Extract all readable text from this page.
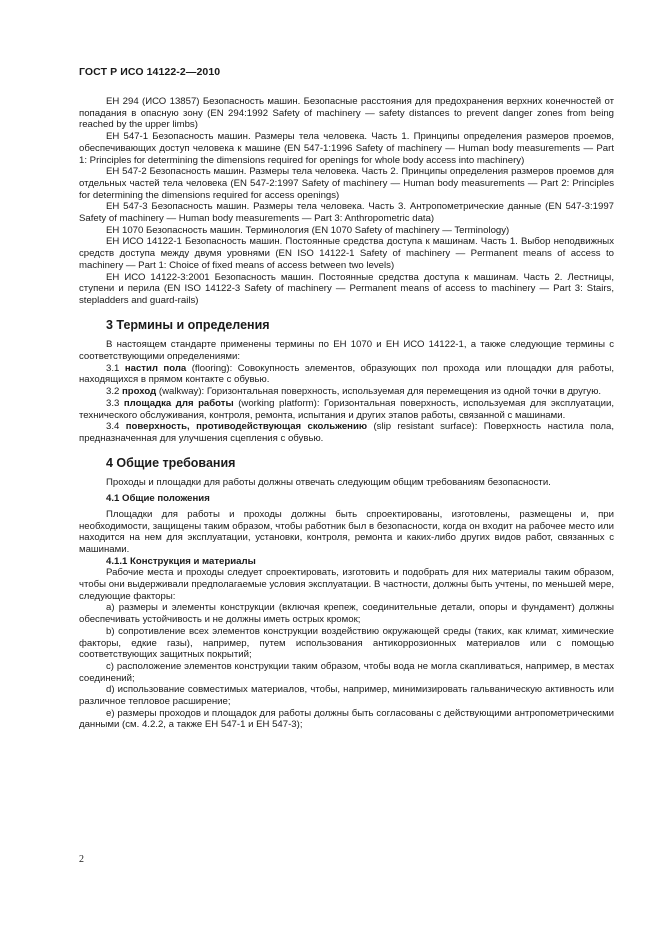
ГОСТ Р ИСО 14122-2—2010

ЕН 294 (ИСО 13857) Безопасность машин. Безопасные расстояния для предохранения верхних конечностей от попадания в опасную зону (EN 294:1992 Safety of machinery — safety distances to prevent danger zones from being reached by the upper limbs)

ЕН 547-1 Безопасность машин. Размеры тела человека. Часть 1. Принципы определения размеров проемов, обеспечивающих доступ человека к машине (EN 547-1:1996 Safety of machinery — Human body measurements — Part 1: Principles for determining the dimensions required for openings for whole body access into machinery)

ЕН 547-2 Безопасность машин. Размеры тела человека. Часть 2. Принципы определения размеров проемов для отдельных частей тела человека (EN 547-2:1997 Safety of machinery — Human body measurements — Part 2: Principles for determining the dimensions required for access openings)

ЕН 547-3 Безопасность машин. Размеры тела человека. Часть 3. Антропометрические данные (EN 547-3:1997 Safety of machinery — Human body measurements — Part 3: Anthropometric data)

ЕН 1070 Безопасность машин. Терминология (EN 1070 Safety of machinery — Terminology)

ЕН ИСО 14122-1 Безопасность машин. Постоянные средства доступа к машинам. Часть 1. Выбор неподвижных средств доступа между двумя уровнями (EN ISO 14122-1 Safety of machinery — Permanent means of access to machinery — Part 1: Choice of fixed means of access between two levels)

ЕН ИСО 14122-3:2001 Безопасность машин. Постоянные средства доступа к машинам. Часть 2. Лестницы, ступени и перила (EN ISO 14122-3 Safety of machinery — Permanent means of access to machinery — Part 3: Stairs, stepladders and guard-rails)

3 Термины и определения

В настоящем стандарте применены термины по ЕН 1070 и ЕН ИСО 14122-1, а также следующие термины с соответствующими определениями:

3.1 настил пола (flooring): Совокупность элементов, образующих пол прохода или площадки для работы, находящихся в прямом контакте с обувью.

3.2 проход (walkway): Горизонтальная поверхность, используемая для перемещения из одной точки в другую.

3.3 площадка для работы (working platform): Горизонтальная поверхность, используемая для эксплуатации, технического обслуживания, контроля, ремонта, испытания и других этапов работы, связанной с машинами.

3.4 поверхность, противодействующая скольжению (slip resistant surface): Поверхность настила пола, предназначенная для улучшения сцепления с обувью.

4 Общие требования

Проходы и площадки для работы должны отвечать следующим общим требованиям безопасности.

4.1 Общие положения

Площадки для работы и проходы должны быть спроектированы, изготовлены, размещены и, при необходимости, защищены таким образом, чтобы работник был в безопасности, когда он входит на рабочее место или находится на нем для эксплуатации, установки, контроля, ремонта и каких-либо других видов работ, связанных с машинами.

4.1.1 Конструкция и материалы

Рабочие места и проходы следует спроектировать, изготовить и подобрать для них материалы таким образом, чтобы они выдерживали предполагаемые условия эксплуатации. В частности, должны быть учтены, по меньшей мере, следующие факторы:

а) размеры и элементы конструкции (включая крепеж, соединительные детали, опоры и фундамент) должны обеспечивать устойчивость и не должны иметь острых кромок;

b) сопротивление всех элементов конструкции воздействию окружающей среды (таких, как климат, химические факторы, едкие газы), например, путем использования антикоррозионных материалов или с помощью соответствующих защитных покрытий;

с) расположение элементов конструкции таким образом, чтобы вода не могла скапливаться, например, в местах соединений;

d) использование совместимых материалов, чтобы, например, минимизировать гальваническую активность или различное тепловое расширение;

е) размеры проходов и площадок для работы должны быть согласованы с действующими антропометрическими данными (см. 4.2.2, а также ЕН 547-1 и ЕН 547-3);

2
